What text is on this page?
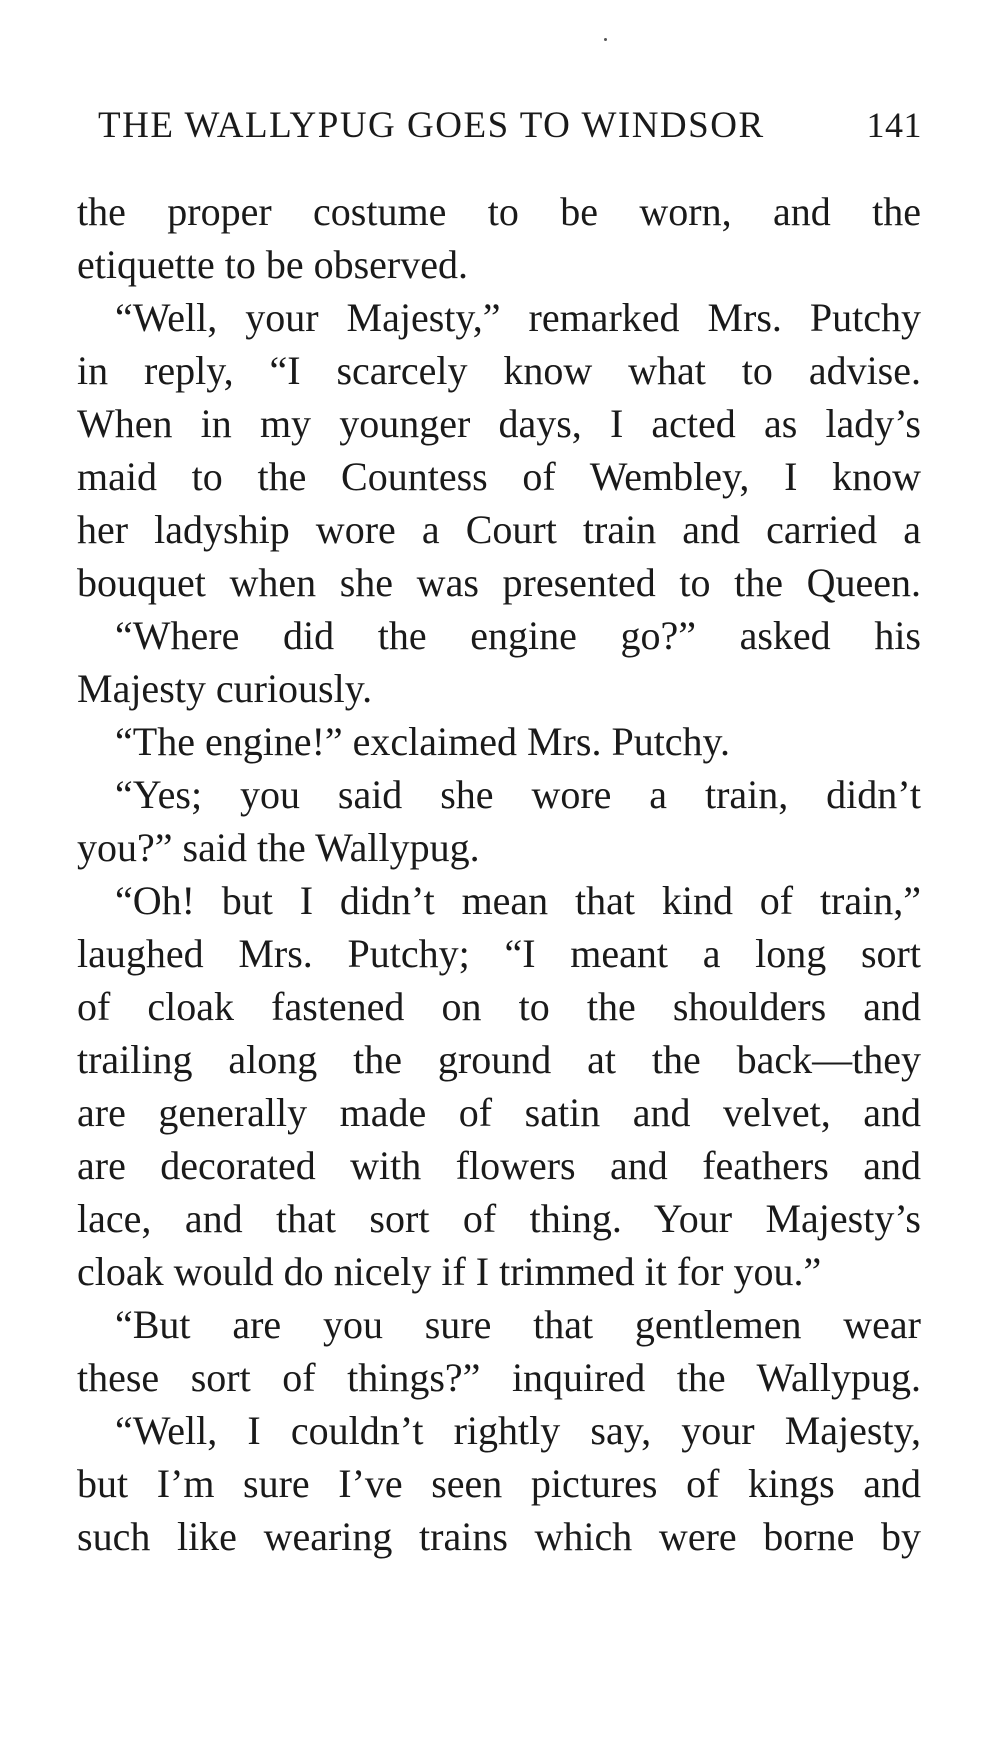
THE WALLYPUG GOES TO WINDSOR	141
the proper costume to be worn, and the
etiquette to be observed.
“Well, your Majesty,” remarked Mrs. Putchy
in reply, “I scarcely know what to advise.
When in my younger days, I acted as lady’s
maid to the Countess of Wembley, I know
her ladyship wore a Court train and carried a
bouquet when she was presented to the Queen.
“Where did the engine go?” asked his
Majesty curiously.
“The engine!” exclaimed Mrs. Putchy.
“Yes; you said she wore a train, didn’t
you?” said the Wallypug.
“Oh! but I didn’t mean that kind of train,”
laughed Mrs. Putchy; “I meant a long sort
of cloak fastened on to the shoulders and
trailing along the ground at the back—they
are generally made of satin and velvet, and
are decorated with flowers and feathers and
lace, and that sort of thing. Your Majesty’s
cloak would do nicely if I trimmed it for you.”
“But are you sure that gentlemen wear
these sort of things?” inquired the Wallypug.
“Well, I couldn’t rightly say, your Majesty,
but I’m sure I’ve seen pictures of kings and
such like wearing trains which were borne by
